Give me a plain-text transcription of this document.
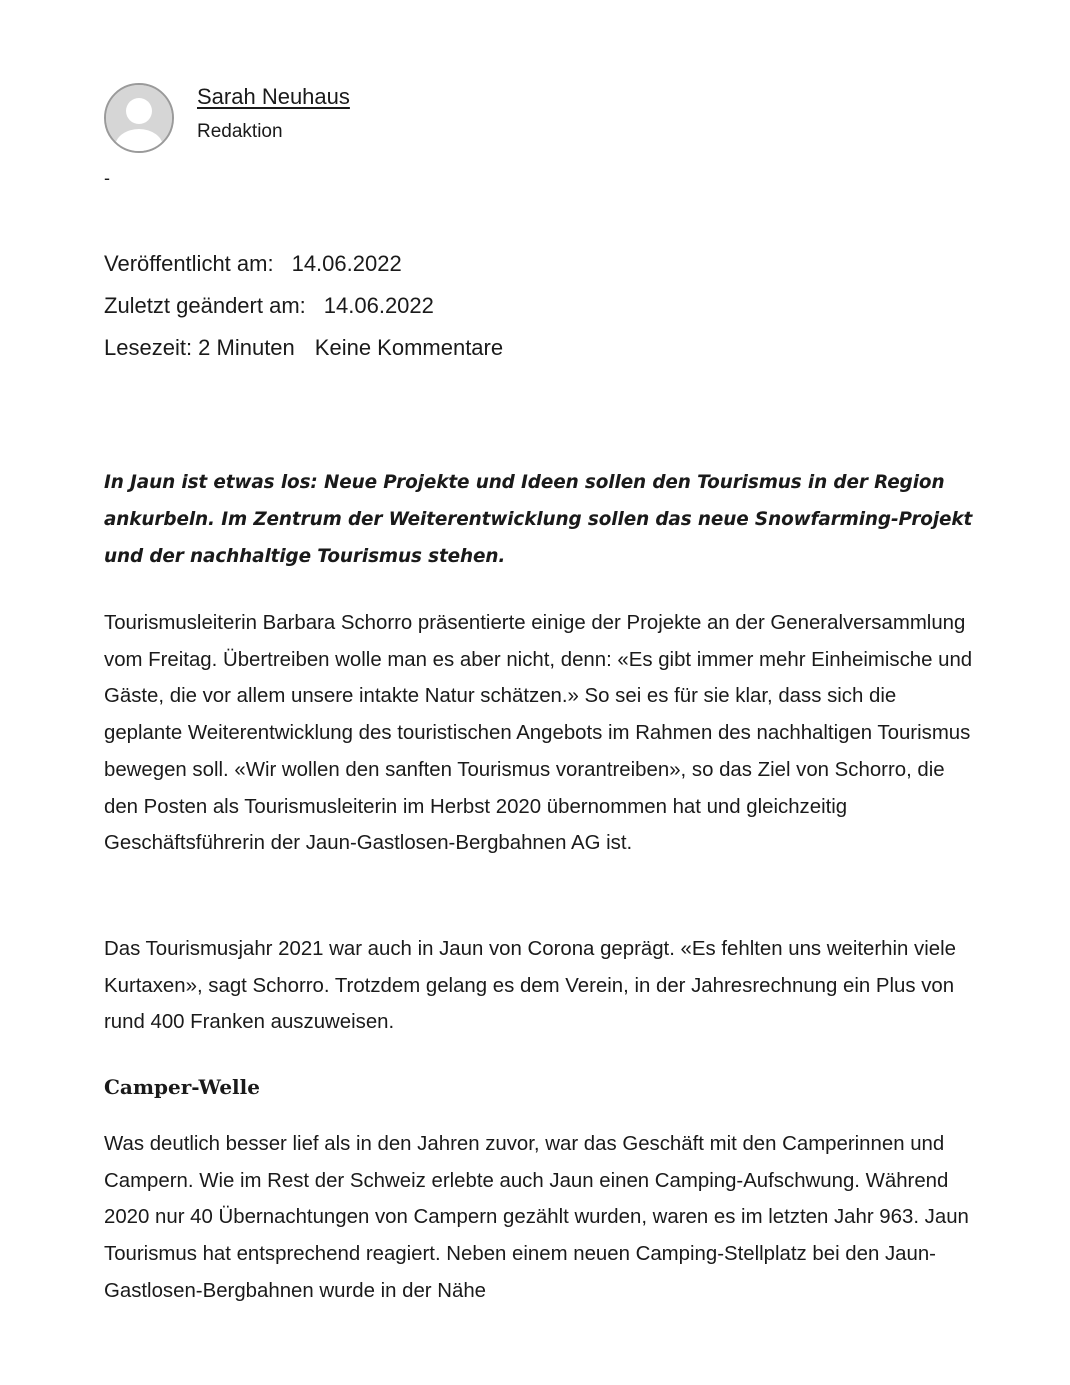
Sarah Neuhaus
Redaktion
-
Veröffentlicht am: 14.06.2022
Zuletzt geändert am: 14.06.2022
Lesezeit: 2 Minuten Keine Kommentare

In Jaun ist etwas los: Neue Projekte und Ideen sollen den Tourismus in der Region ankurbeln. Im Zentrum der Weiterentwicklung sollen das neue Snowfarming-Projekt und der nachhaltige Tourismus stehen.

Tourismusleiterin Barbara Schorro präsentierte einige der Projekte an der Generalversammlung vom Freitag. Übertreiben wolle man es aber nicht, denn: «Es gibt immer mehr Einheimische und Gäste, die vor allem unsere intakte Natur schätzen.» So sei es für sie klar, dass sich die geplante Weiterentwicklung des touristischen Angebots im Rahmen des nachhaltigen Tourismus bewegen soll. «Wir wollen den sanften Tourismus vorantreiben», so das Ziel von Schorro, die den Posten als Tourismusleiterin im Herbst 2020 übernommen hat und gleichzeitig Geschäftsführerin der Jaun-Gastlosen-Bergbahnen AG ist.

Das Tourismusjahr 2021 war auch in Jaun von Corona geprägt. «Es fehlten uns weiterhin viele Kurtaxen», sagt Schorro. Trotzdem gelang es dem Verein, in der Jahresrechnung ein Plus von rund 400 Franken auszuweisen.

Camper-Welle

Was deutlich besser lief als in den Jahren zuvor, war das Geschäft mit den Camperinnen und Campern. Wie im Rest der Schweiz erlebte auch Jaun einen Camping-Aufschwung. Während 2020 nur 40 Übernachtungen von Campern gezählt wurden, waren es im letzten Jahr 963. Jaun Tourismus hat entsprechend reagiert. Neben einem neuen Camping-Stellplatz bei den Jaun-Gastlosen-Bergbahnen wurde in der Nähe
